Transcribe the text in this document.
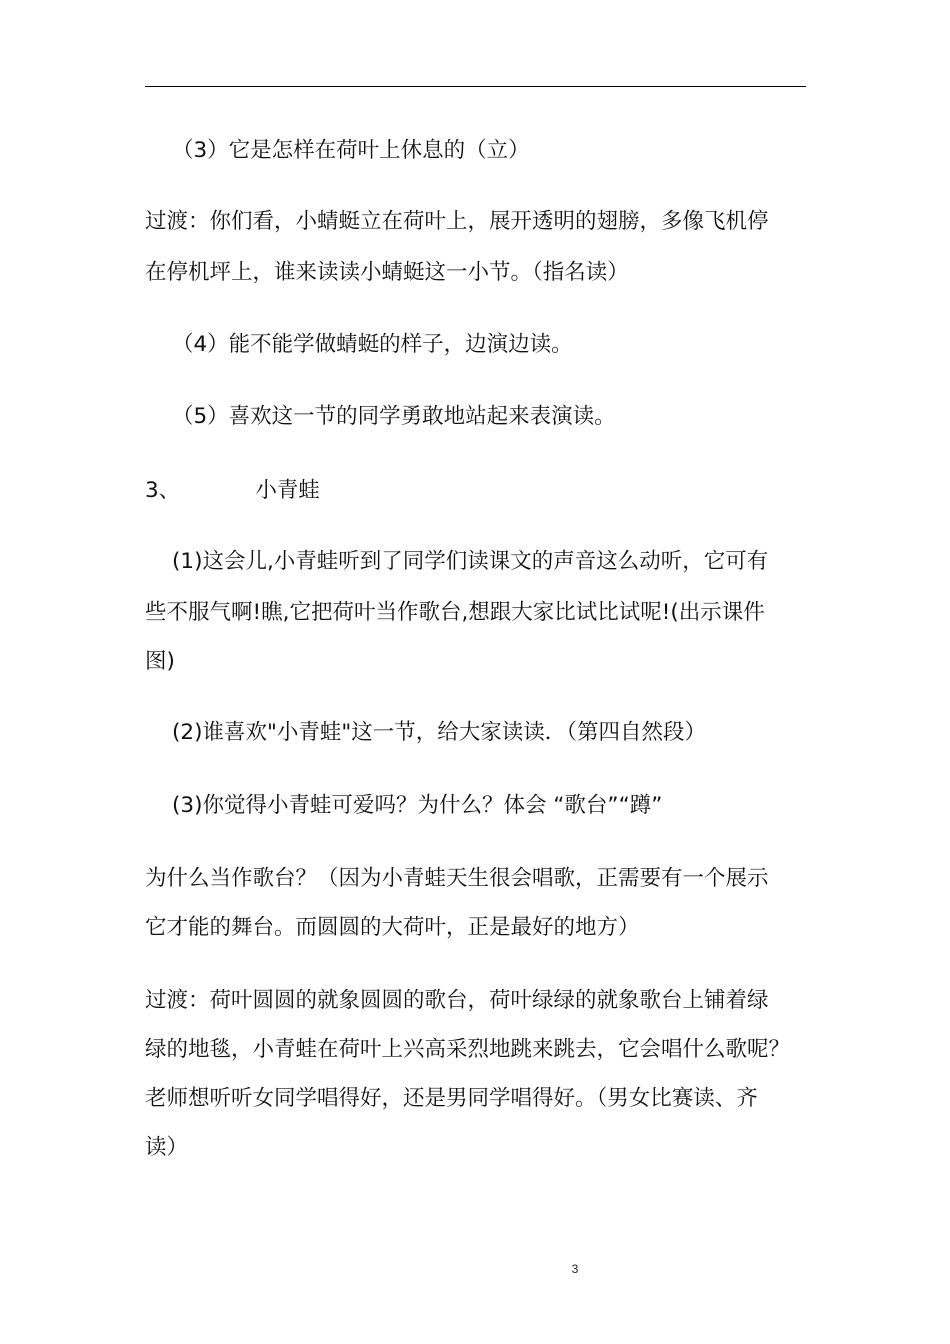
（3）它是怎样在荷叶上休息的（立）

过渡：你们看，小蜻蜓立在荷叶上，展开透明的翅膀，多像飞机停

在停机坪上，谁来读读小蜻蜓这一小节。（指名读）

（4）能不能学做蜻蜓的样子，边演边读。

（5）喜欢这一节的同学勇敢地站起来表演读。

3、　　　　小青蛙

(1)这会儿,小青蛙听到了同学们读课文的声音这么动听，它可有

些不服气啊!瞧,它把荷叶当作歌台,想跟大家比试比试呢!(出示课件

图)

(2)谁喜欢"小青蛙"这一节，给大家读读．（第四自然段）

(3)你觉得小青蛙可爱吗？为什么？体会 “歌台”“蹲”

为什么当作歌台？（因为小青蛙天生很会唱歌，正需要有一个展示

它才能的舞台。而圆圆的大荷叶，正是最好的地方）

过渡：荷叶圆圆的就象圆圆的歌台，荷叶绿绿的就象歌台上铺着绿

绿的地毯，小青蛙在荷叶上兴高采烈地跳来跳去，它会唱什么歌呢？

老师想听听女同学唱得好，还是男同学唱得好。（男女比赛读、齐

读）

3
